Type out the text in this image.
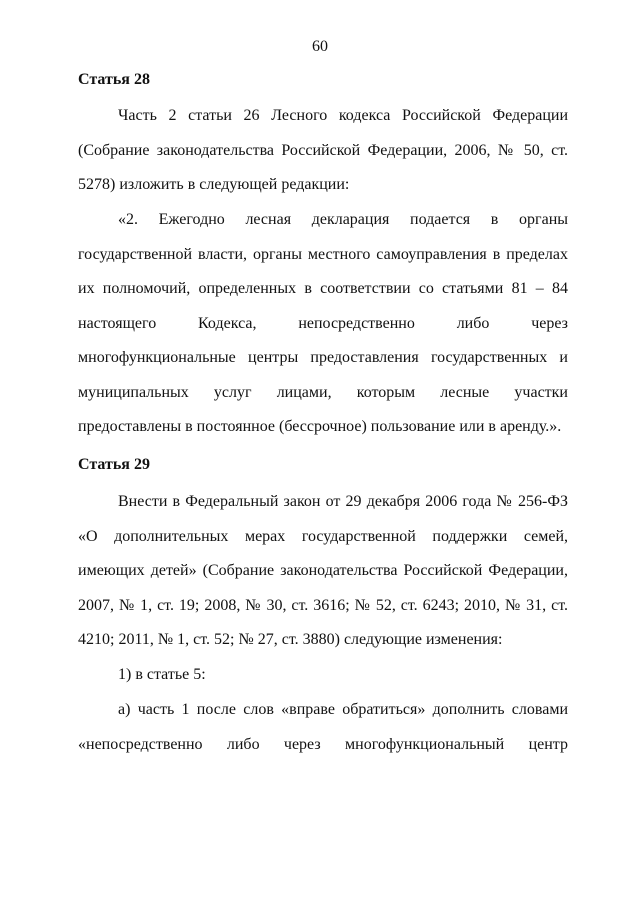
60
Статья 28

Часть 2 статьи 26 Лесного кодекса Российской Федерации (Собрание законодательства Российской Федерации, 2006, № 50, ст. 5278) изложить в следующей редакции:

«2. Ежегодно лесная декларация подается в органы государственной власти, органы местного самоуправления в пределах их полномочий, определенных в соответствии со статьями 81 – 84 настоящего Кодекса, непосредственно либо через многофункциональные центры предоставления государственных и муниципальных услуг лицами, которым лесные участки предоставлены в постоянное (бессрочное) пользование или в аренду.».

Статья 29

Внести в Федеральный закон от 29 декабря 2006 года № 256-ФЗ «О дополнительных мерах государственной поддержки семей, имеющих детей» (Собрание законодательства Российской Федерации, 2007, № 1, ст. 19; 2008, № 30, ст. 3616; № 52, ст. 6243; 2010, № 31, ст. 4210; 2011, № 1, ст. 52; № 27, ст. 3880) следующие изменения:

1) в статье 5:

а) часть 1 после слов «вправе обратиться» дополнить словами «непосредственно либо через многофункциональный центр
